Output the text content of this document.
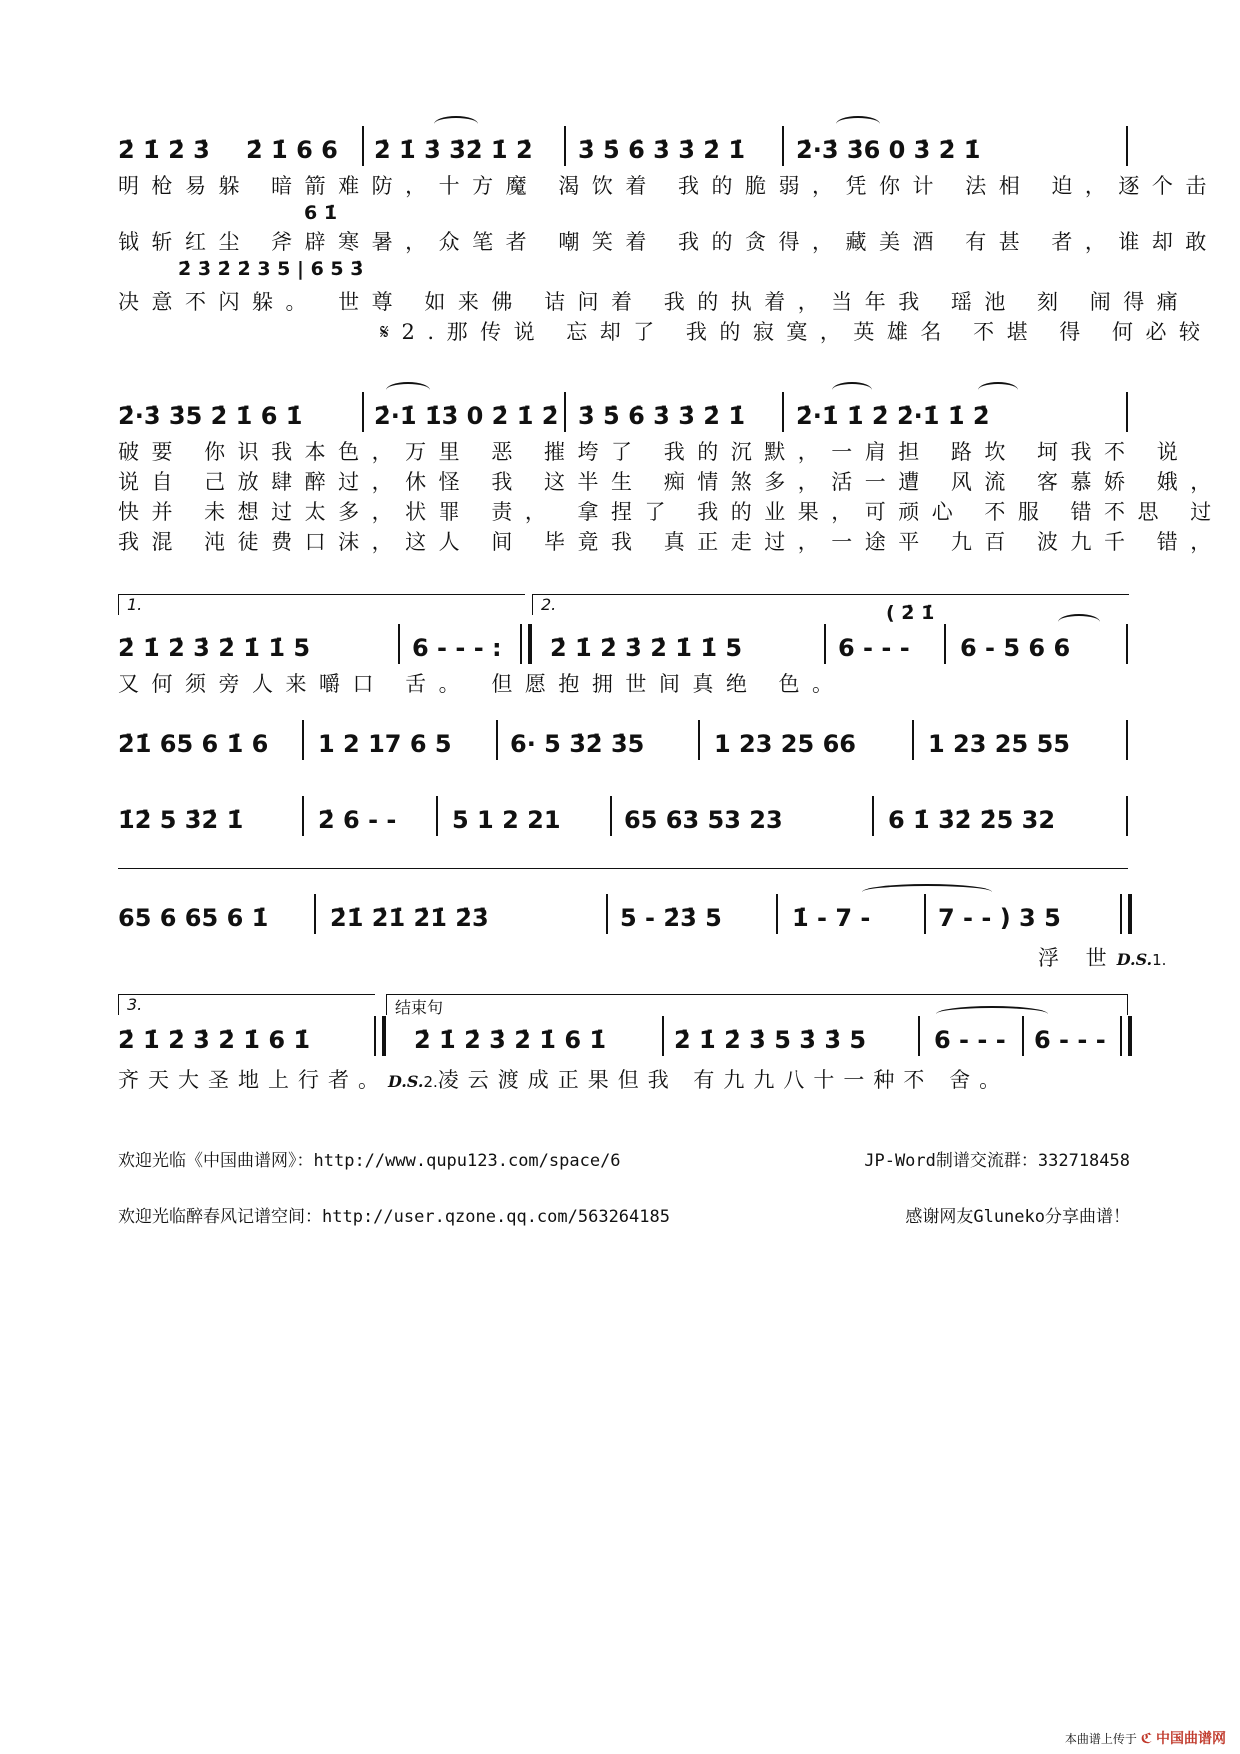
2̇ 1̇ 2̇ 3̇ 2̇ 1̇ 6 6 2̇ 1̇ 3̇ 3̇2̇ 1̇ 2̇ 3̇ 5̇ 6̇ 3̇ 3̇ 2̇ 1̇ 2̇·3̇ 3̇6 0 3̇ 2̇ 1̇
明枪易躲 暗箭难防，十方魔 渴饮着 我的脆弱，凭你计 法相 迫，逐个击
6 1̇
钺斩红尘 斧辟寒暑，众笔者 嘲笑着 我的贪得，藏美酒 有甚 者，谁却敢
2̇ 3̇ 2̇ 2̇ 3 5 | 6 5 3̇
决意不闪躲。 世尊 如来佛 诘问着 我的执着，当年我 瑶池 刻 闹得痛
𝄋2.那传说 忘却了 我的寂寞，英雄名 不堪 得 何必较
2̇·3̇ 3̇5 2̇ 1̇ 6 1̇	2̇·1̇ 1̇3̇ 0 2̇ 1̇ 2̇ 3̇ 5̇ 6̇ 3̇ 3̇ 2̇ 1̇ 2̇·1̇ 1̇ 2̇ 2̇·1̇ 1̇ 2̇
破要 你识我本色，万里 恶 摧垮了 我的沉默，一肩担 路坎 坷我不 说
说自 己放肆醉过，休怪 我 这半生 痴情煞多，活一遭 风流 客慕娇 娥，
快并 未想过太多，状罪 责， 拿捏了 我的业果，可顽心 不服 错不思 过
我混 沌徒费口沫，这人 间 毕竟我 真正走过，一途平 九百 波九千 错，
1.	2.
2̇ 1̇ 2̇ 3̇ 2̇ 1̇ 1̇ 5	6 - - - : 2̇ 1̇ 2̇ 3̇ 2̇ 1̇ 1̇ 5	6 - - - 6 - 5 6 6
( 2̇ 1̇
又何须旁人来嚼口 舌。 但愿抱拥世间真绝 色。
2̇1̇ 65 6 1̇ 6 1 2 17 6 5 6· 5 3̇2̇ 3̇5	1 23 25 66	1 23 25 55
1̇2̇ 5 3̇2̇ 1̇	2̇ 6 - - 5 1 2 21	65 63 53 23	6 1̇ 3̇2̇ 2̇5 32
65 6 65 6 1̇	2̇1̇ 2̇1̇ 2̇1̇ 2̇3̇	5 - 2̇3̇ 5	1̇ - 7 -	7 - - ) 3 5
浮 世D.S.1.
3.	结束句
2̇ 1̇ 2̇ 3̇ 2̇ 1̇ 6 1̇	2̇ 1̇ 2̇ 3̇ 2̇ 1̇ 6 1̇	2̇ 1̇ 2̇ 3̇ 5 3̇ 3̇ 5	6 - - - 6 - - -
齐天大圣地上行者。D.S.2.凌云渡成正果但我 有九九八十一种不 舍。
欢迎光临《中国曲谱网》：http://www.qupu123.com/space/6	JP-Word制谱交流群：332718458
欢迎光临醉春风记谱空间：http://user.qzone.qq.com/563264185	感谢网友Gluneko分享曲谱！
本曲谱上传于 ℭ 中国曲谱网
